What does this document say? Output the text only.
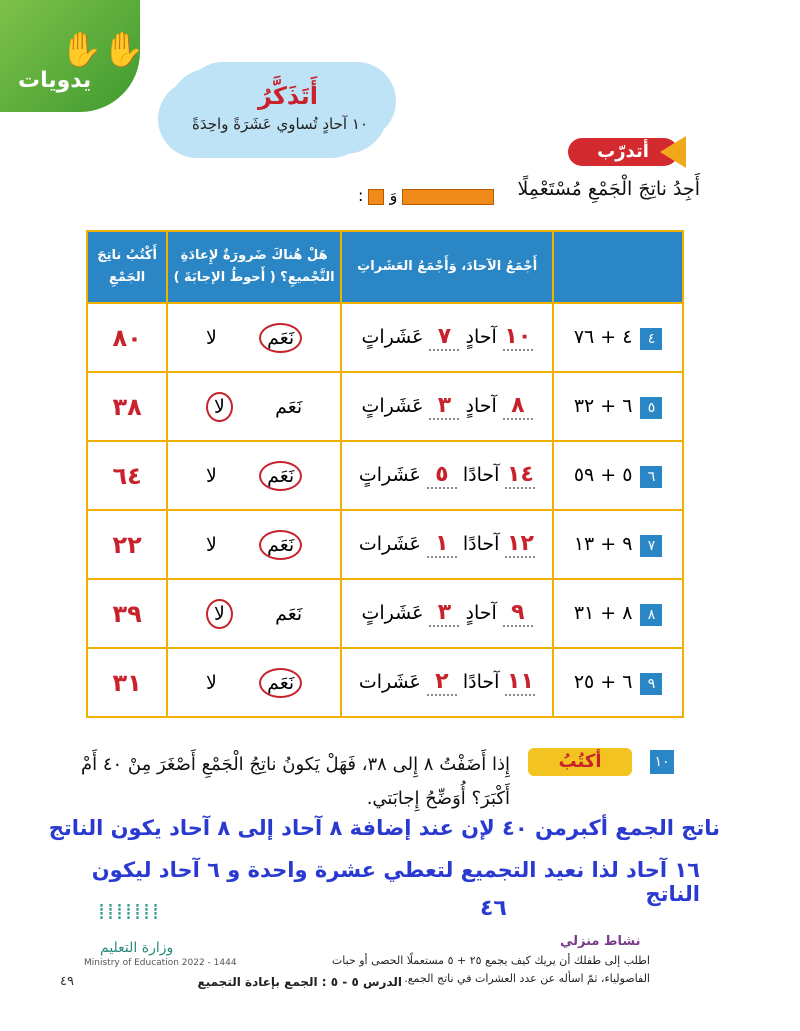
✋✋
يدويات
أَتَذَكَّرُ
١٠ آحادٍ تُساوي عَشَرَةً واحِدَةً
أتدرّب
أَجِدُ ناتِجَ الْجَمْعِ مُسْتَعْمِلًا
: وَ
	أَجْمَعُ الآحادَ، وَأَجْمَعُ العَشَراتِ	هَلْ هُناكَ ضَرورَةٌ لإِعادَةِ التَّجْميعِ؟ ( أَحوطُ الإجابَةَ )	أَكْتُبُ ناتِجَ الجَمْعِ
٤٤ + ٧٦	١٠ آحادٍ ٧ عَشَراتٍ	نَعَم       لا	٨٠
٥٦ + ٣٢	٨ آحادٍ ٣ عَشَراتٍ	نَعَم       لا	٣٨
٦٥ + ٥٩	١٤ آحادًا ٥ عَشَراتٍ	نَعَم       لا	٦٤
٧٩ + ١٣	١٢ آحادًا ١ عَشَرات	نَعَم       لا	٢٢
٨٨ + ٣١	٩ آحادٍ ٣ عَشَراتٍ	نَعَم       لا	٣٩
٩٦ + ٢٥	١١ آحادًا ٢ عَشَرات	نَعَم       لا	٣١
١٠
أكتُبُ
إِذا أَضَفْتُ ٨ إِلى ٣٨، فَهَلْ يَكونُ ناتِجُ الْجَمْعِ أَصْغَرَ مِنْ ٤٠ أَمْ أَكْبَرَ؟ أُوَضِّحُ إِجابَتي.
ناتج الجمع أكبرمن ٤٠ لإن عند إضافة ٨ آحاد إلى ٨ آحاد يكون الناتج
١٦ آحاد لذا نعيد التجميع لتعطي عشرة واحدة و ٦ آحاد ليكون الناتج
٤٦
⁞⁞⁞⁞⁞⁞⁞
وزارة التعليم
Ministry of Education 2022 - 1444
نشاط منزلي
اطلب إلى طفلك أن يريك كيف يجمع ٢٥ + ٥ مستعملًا الحصى أو حبات الفاصولياء، ثمّ اسأله عن عدد العشرات في ناتج الجمع.
الدرس ٥ - ٥ : الجمع بإعادة التجميع
٤٩
